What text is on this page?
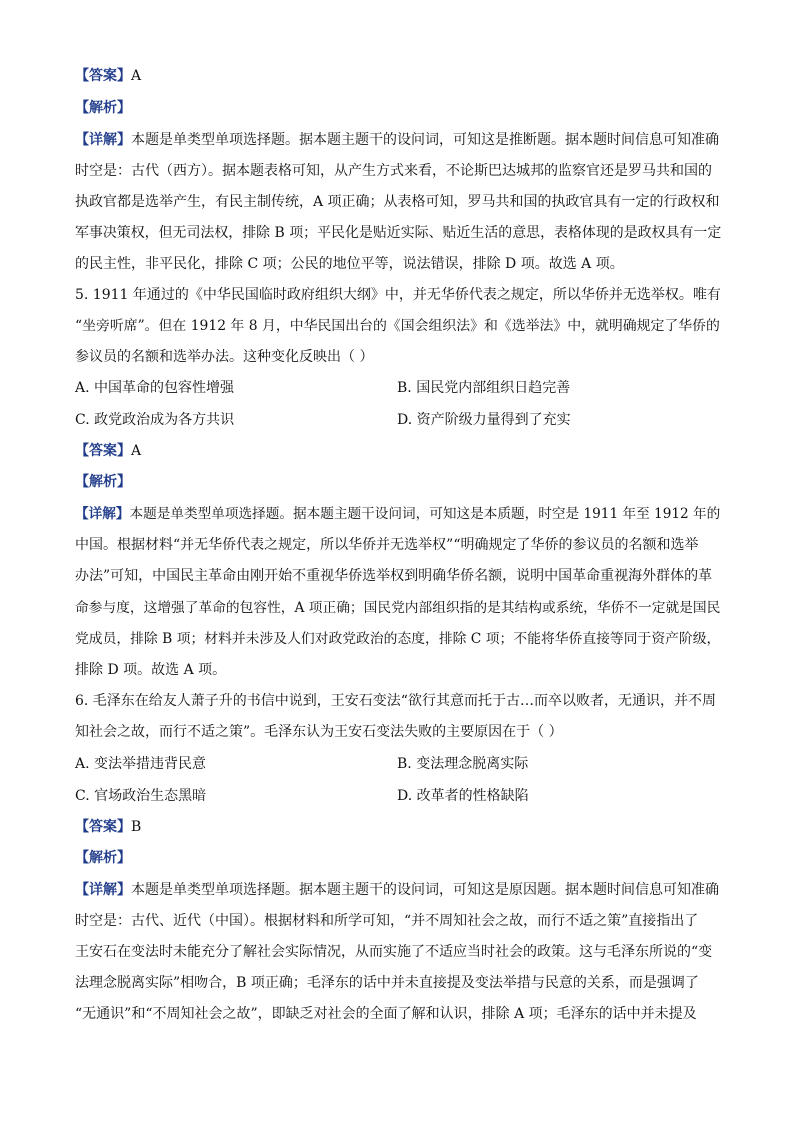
【答案】A
【解析】
【详解】本题是单类型单项选择题。据本题主题干的设问词，可知这是推断题。据本题时间信息可知准确
时空是：古代（西方）。据本题表格可知，从产生方式来看，不论斯巴达城邦的监察官还是罗马共和国的
执政官都是选举产生，有民主制传统，A 项正确；从表格可知，罗马共和国的执政官具有一定的行政权和
军事决策权，但无司法权，排除 B 项；平民化是贴近实际、贴近生活的意思，表格体现的是政权具有一定
的民主性，非平民化，排除 C 项；公民的地位平等，说法错误，排除 D 项。故选 A 项。
5. 1911 年通过的《中华民国临时政府组织大纲》中，并无华侨代表之规定，所以华侨并无选举权。唯有
“坐旁听席”。但在 1912 年 8 月，中华民国出台的《国会组织法》和《选举法》中，就明确规定了华侨的
参议员的名额和选举办法。这种变化反映出（ ）
A. 中国革命的包容性增强	B. 国民党内部组织日趋完善
C. 政党政治成为各方共识	D. 资产阶级力量得到了充实
【答案】A
【解析】
【详解】本题是单类型单项选择题。据本题主题干设问词，可知这是本质题，时空是 1911 年至 1912 年的
中国。根据材料“并无华侨代表之规定，所以华侨并无选举权”“明确规定了华侨的参议员的名额和选举
办法”可知，中国民主革命由刚开始不重视华侨选举权到明确华侨名额，说明中国革命重视海外群体的革
命参与度，这增强了革命的包容性，A 项正确；国民党内部组织指的是其结构或系统，华侨不一定就是国民
党成员，排除 B 项；材料并未涉及人们对政党政治的态度，排除 C 项；不能将华侨直接等同于资产阶级，
排除 D 项。故选 A 项。
6. 毛泽东在给友人萧子升的书信中说到，王安石变法“欲行其意而托于古…而卒以败者，无通识，并不周
知社会之故，而行不适之策”。毛泽东认为王安石变法失败的主要原因在于（ ）
A. 变法举措违背民意	B. 变法理念脱离实际
C. 官场政治生态黑暗	D. 改革者的性格缺陷
【答案】B
【解析】
【详解】本题是单类型单项选择题。据本题主题干的设问词，可知这是原因题。据本题时间信息可知准确
时空是：古代、近代（中国）。根据材料和所学可知，“并不周知社会之故，而行不适之策”直接指出了
王安石在变法时未能充分了解社会实际情况，从而实施了不适应当时社会的政策。这与毛泽东所说的“变
法理念脱离实际”相吻合，B 项正确；毛泽东的话中并未直接提及变法举措与民意的关系，而是强调了
“无通识”和“不周知社会之故”，即缺乏对社会的全面了解和认识，排除 A 项；毛泽东的话中并未提及
